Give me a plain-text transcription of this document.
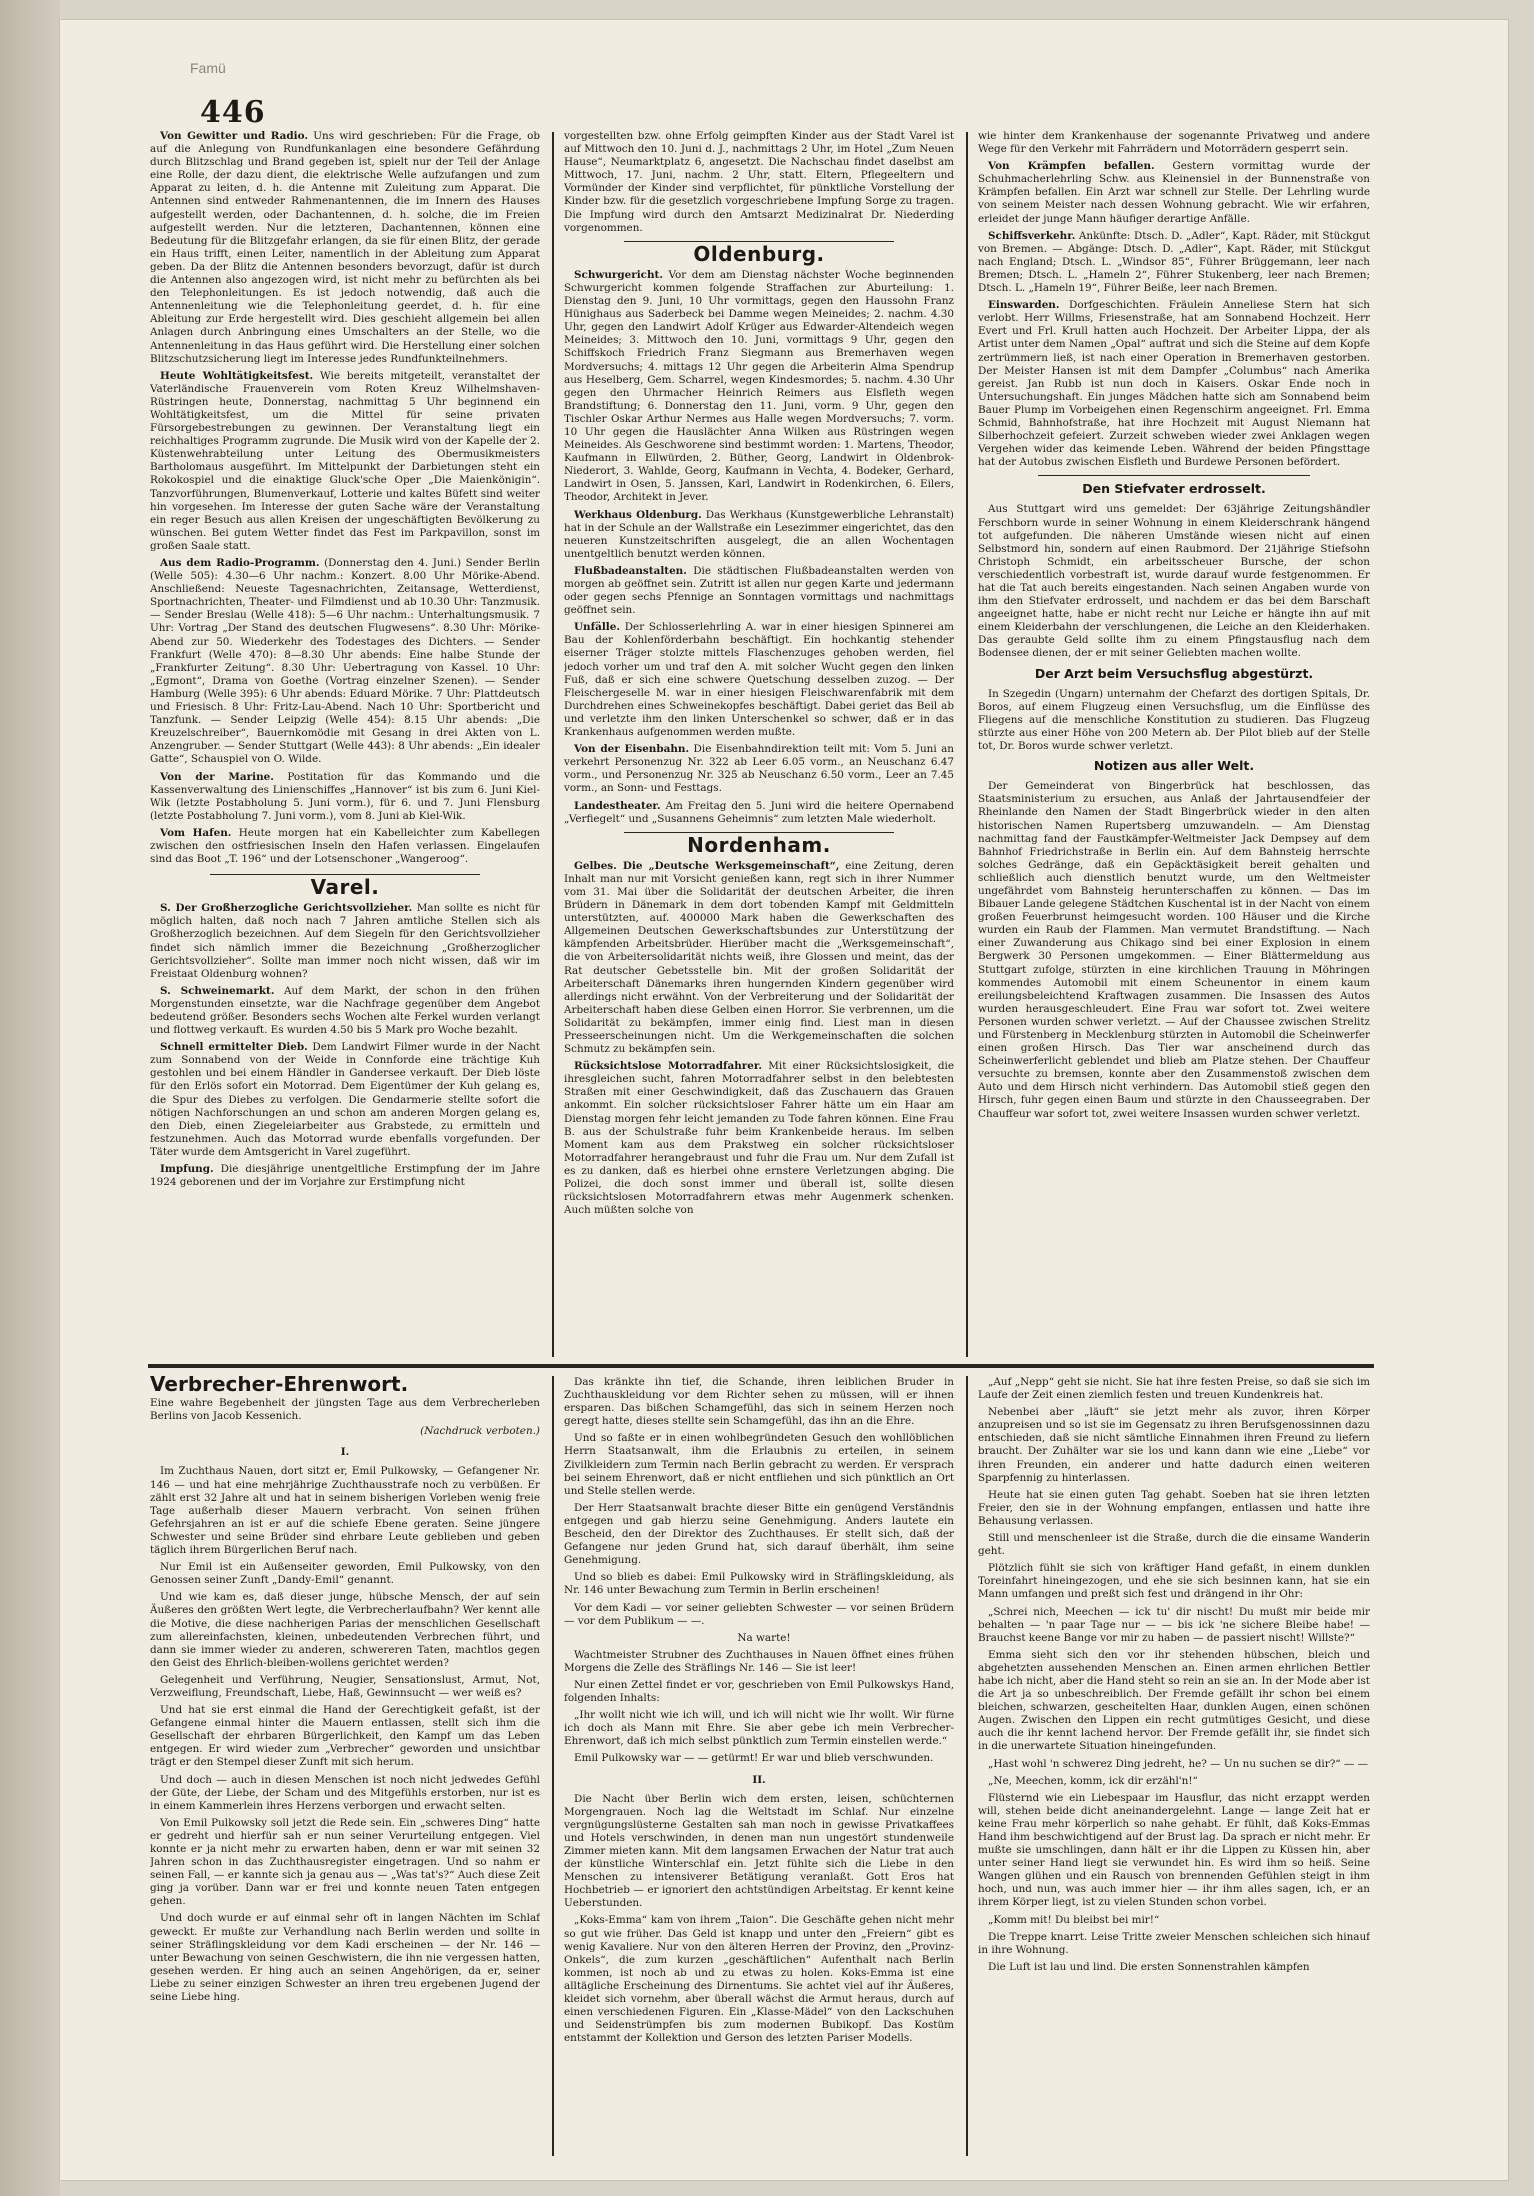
Famü
446

Von Gewitter und Radio. Uns wird geschrieben: Für die Frage, ob auf die Anlegung von Rundfunkanlagen eine besondere Gefährdung durch Blitzschlag und Brand gegeben ist, spielt nur der Teil der Anlage eine Rolle, der dazu dient, die elektrische Welle aufzufangen und zum Apparat zu leiten, d. h. die Antenne mit Zuleitung zum Apparat. Die Antennen sind entweder Rahmenantennen, die im Innern des Hauses aufgestellt werden, oder Dachantennen, d. h. solche, die im Freien aufgestellt werden. Nur die letzteren, Dachantennen, können eine Bedeutung für die Blitzgefahr erlangen, da sie für einen Blitz, der gerade ein Haus trifft, einen Leiter, namentlich in der Ableitung zum Apparat geben. Da der Blitz die Antennen besonders bevorzugt, dafür ist durch die Antennen also angezogen wird, ist nicht mehr zu befürchten als bei den Telephonleitungen. Es ist jedoch notwendig, daß auch die Antennenleitung wie die Telephonleitung geerdet, d. h. für eine Ableitung zur Erde hergestellt wird. Dies geschieht allgemein bei allen Anlagen durch Anbringung eines Umschalters an der Stelle, wo die Antennenleitung in das Haus geführt wird. Die Herstellung einer solchen Blitzschutzsicherung liegt im Interesse jedes Rundfunkteilnehmers.

Heute Wohltätigkeitsfest. Wie bereits mitgeteilt, veranstaltet der Vaterländische Frauenverein vom Roten Kreuz Wilhelmshaven-Rüstringen heute, Donnerstag, nachmittag 5 Uhr beginnend ein Wohltätigkeitsfest, um die Mittel für seine privaten Fürsorgebestrebungen zu gewinnen. Der Veranstaltung liegt ein reichhaltiges Programm zugrunde. Die Musik wird von der Kapelle der 2. Küstenwehrabteilung unter Leitung des Obermusikmeisters Bartholomaus ausgeführt. Im Mittelpunkt der Darbietungen steht ein Rokokospiel und die einaktige Gluck'sche Oper „Die Maienkönigin“. Tanzvorführungen, Blumenverkauf, Lotterie und kaltes Büfett sind weiter hin vorgesehen. Im Interesse der guten Sache wäre der Veranstaltung ein reger Besuch aus allen Kreisen der ungeschäftigten Bevölkerung zu wünschen. Bei gutem Wetter findet das Fest im Parkpavillon, sonst im großen Saale statt.

Aus dem Radio-Programm. (Donnerstag den 4. Juni.) Sender Berlin (Welle 505): 4.30—6 Uhr nachm.: Konzert. 8.00 Uhr Mörike-Abend. Anschließend: Neueste Tagesnachrichten, Zeitansage, Wetterdienst, Sportnachrichten, Theater- und Filmdienst und ab 10.30 Uhr: Tanzmusik. — Sender Breslau (Welle 418): 5—6 Uhr nachm.: Unterhaltungsmusik. 7 Uhr: Vortrag „Der Stand des deutschen Flugwesens“. 8.30 Uhr: Mörike-Abend zur 50. Wiederkehr des Todestages des Dichters. — Sender Frankfurt (Welle 470): 8—8.30 Uhr abends: Eine halbe Stunde der „Frankfurter Zeitung“. 8.30 Uhr: Uebertragung von Kassel. 10 Uhr: „Egmont“, Drama von Goethe (Vortrag einzelner Szenen). — Sender Hamburg (Welle 395): 6 Uhr abends: Eduard Mörike. 7 Uhr: Plattdeutsch und Friesisch. 8 Uhr: Fritz-Lau-Abend. Nach 10 Uhr: Sportbericht und Tanzfunk. — Sender Leipzig (Welle 454): 8.15 Uhr abends: „Die Kreuzelschreiber“, Bauernkomödie mit Gesang in drei Akten von L. Anzengruber. — Sender Stuttgart (Welle 443): 8 Uhr abends: „Ein idealer Gatte“, Schauspiel von O. Wilde.

Von der Marine. Postitation für das Kommando und die Kassenverwaltung des Linienschiffes „Hannover“ ist bis zum 6. Juni Kiel-Wik (letzte Postabholung 5. Juni vorm.), für 6. und 7. Juni Flensburg (letzte Postabholung 7. Juni vorm.), vom 8. Juni ab Kiel-Wik.

Vom Hafen. Heute morgen hat ein Kabelleichter zum Kabellegen zwischen den ostfriesischen Inseln den Hafen verlassen. Eingelaufen sind das Boot „T. 196“ und der Lotsenschoner „Wangeroog“.

Varel.

S. Der Großherzogliche Gerichtsvollzieher. Man sollte es nicht für möglich halten, daß noch nach 7 Jahren amtliche Stellen sich als Großherzoglich bezeichnen. Auf dem Siegeln für den Gerichtsvollzieher findet sich nämlich immer die Bezeichnung „Großherzoglicher Gerichtsvollzieher“. Sollte man immer noch nicht wissen, daß wir im Freistaat Oldenburg wohnen?

S. Schweinemarkt. Auf dem Markt, der schon in den frühen Morgenstunden einsetzte, war die Nachfrage gegenüber dem Angebot bedeutend größer. Besonders sechs Wochen alte Ferkel wurden verlangt und flottweg verkauft. Es wurden 4.50 bis 5 Mark pro Woche bezahlt.

Schnell ermittelter Dieb. Dem Landwirt Filmer wurde in der Nacht zum Sonnabend von der Weide in Connforde eine trächtige Kuh gestohlen und bei einem Händler in Gandersee verkauft. Der Dieb löste für den Erlös sofort ein Motorrad. Dem Eigentümer der Kuh gelang es, die Spur des Diebes zu verfolgen. Die Gendarmerie stellte sofort die nötigen Nachforschungen an und schon am anderen Morgen gelang es, den Dieb, einen Ziegeleiarbeiter aus Grabstede, zu ermitteln und festzunehmen. Auch das Motorrad wurde ebenfalls vorgefunden. Der Täter wurde dem Amtsgericht in Varel zugeführt.

Impfung. Die diesjährige unentgeltliche Erstimpfung der im Jahre 1924 geborenen und der im Vorjahre zur Erstimpfung nicht

vorgestellten bzw. ohne Erfolg geimpften Kinder aus der Stadt Varel ist auf Mittwoch den 10. Juni d. J., nachmittags 2 Uhr, im Hotel „Zum Neuen Hause“, Neumarktplatz 6, angesetzt. Die Nachschau findet daselbst am Mittwoch, 17. Juni, nachm. 2 Uhr, statt. Eltern, Pflegeeltern und Vormünder der Kinder sind verpflichtet, für pünktliche Vorstellung der Kinder bzw. für die gesetzlich vorgeschriebene Impfung Sorge zu tragen. Die Impfung wird durch den Amtsarzt Medizinalrat Dr. Niederding vorgenommen.

Oldenburg.

Schwurgericht. Vor dem am Dienstag nächster Woche beginnenden Schwurgericht kommen folgende Straffachen zur Aburteilung: 1. Dienstag den 9. Juni, 10 Uhr vormittags, gegen den Haussohn Franz Hünighaus aus Saderbeck bei Damme wegen Meineides; 2. nachm. 4.30 Uhr, gegen den Landwirt Adolf Krüger aus Edwarder-Altendeich wegen Meineides; 3. Mittwoch den 10. Juni, vormittags 9 Uhr, gegen den Schiffskoch Friedrich Franz Siegmann aus Bremerhaven wegen Mordversuchs; 4. mittags 12 Uhr gegen die Arbeiterin Alma Spendrup aus Heselberg, Gem. Scharrel, wegen Kindesmordes; 5. nachm. 4.30 Uhr gegen den Uhrmacher Heinrich Reimers aus Elsfleth wegen Brandstiftung; 6. Donnerstag den 11. Juni, vorm. 9 Uhr, gegen den Tischler Oskar Arthur Nermes aus Halle wegen Mordversuchs; 7. vorm. 10 Uhr gegen die Hauslächter Anna Wilken aus Rüstringen wegen Meineides. Als Geschworene sind bestimmt worden: 1. Martens, Theodor, Kaufmann in Ellwürden, 2. Büther, Georg, Landwirt in Oldenbrok-Niederort, 3. Wahlde, Georg, Kaufmann in Vechta, 4. Bodeker, Gerhard, Landwirt in Osen, 5. Janssen, Karl, Landwirt in Rodenkirchen, 6. Eilers, Theodor, Architekt in Jever.

Werkhaus Oldenburg. Das Werkhaus (Kunstgewerbliche Lehranstalt) hat in der Schule an der Wallstraße ein Lesezimmer eingerichtet, das den neueren Kunstzeitschriften ausgelegt, die an allen Wochentagen unentgeltlich benutzt werden können.

Flußbadeanstalten. Die städtischen Flußbadeanstalten werden von morgen ab geöffnet sein. Zutritt ist allen nur gegen Karte und jedermann oder gegen sechs Pfennige an Sonntagen vormittags und nachmittags geöffnet sein.

Unfälle. Der Schlosserlehrling A. war in einer hiesigen Spinnerei am Bau der Kohlenförderbahn beschäftigt. Ein hochkantig stehender eiserner Träger stolzte mittels Flaschenzuges gehoben werden, fiel jedoch vorher um und traf den A. mit solcher Wucht gegen den linken Fuß, daß er sich eine schwere Quetschung desselben zuzog. — Der Fleischergeselle M. war in einer hiesigen Fleischwarenfabrik mit dem Durchdrehen eines Schweinekopfes beschäftigt. Dabei geriet das Beil ab und verletzte ihm den linken Unterschenkel so schwer, daß er in das Krankenhaus aufgenommen werden mußte.

Von der Eisenbahn. Die Eisenbahndirektion teilt mit: Vom 5. Juni an verkehrt Personenzug Nr. 322 ab Leer 6.05 vorm., an Neuschanz 6.47 vorm., und Personenzug Nr. 325 ab Neuschanz 6.50 vorm., Leer an 7.45 vorm., an Sonn- und Festtags.

Landestheater. Am Freitag den 5. Juni wird die heitere Opernabend „Verfiegelt“ und „Susannens Geheimnis“ zum letzten Male wiederholt.

Nordenham.

Gelbes. Die „Deutsche Werksgemeinschaft“, eine Zeitung, deren Inhalt man nur mit Vorsicht genießen kann, regt sich in ihrer Nummer vom 31. Mai über die Solidarität der deutschen Arbeiter, die ihren Brüdern in Dänemark in dem dort tobenden Kampf mit Geldmitteln unterstützten, auf. 400000 Mark haben die Gewerkschaften des Allgemeinen Deutschen Gewerkschaftsbundes zur Unterstützung der kämpfenden Arbeitsbrüder. Hierüber macht die „Werksgemeinschaft“, die von Arbeitersolidarität nichts weiß, ihre Glossen und meint, das der Rat deutscher Gebetsstelle bin. Mit der großen Solidarität der Arbeiterschaft Dänemarks ihren hungernden Kindern gegenüber wird allerdings nicht erwähnt. Von der Verbreiterung und der Solidarität der Arbeiterschaft haben diese Gelben einen Horror. Sie verbrennen, um die Solidarität zu bekämpfen, immer einig find. Liest man in diesen Presseerscheinungen nicht. Um die Werkgemeinschaften die solchen Schmutz zu bekämpfen sein.

Rücksichtslose Motorradfahrer. Mit einer Rücksichtslosigkeit, die ihresgleichen sucht, fahren Motorradfahrer selbst in den belebtesten Straßen mit einer Geschwindigkeit, daß das Zuschauern das Grauen ankommt. Ein solcher rücksichtsloser Fahrer hätte um ein Haar am Dienstag morgen fehr leicht jemanden zu Tode fahren können. Eine Frau B. aus der Schulstraße fuhr beim Krankenbeide heraus. Im selben Moment kam aus dem Prakstweg ein solcher rücksichtsloser Motorradfahrer herangebraust und fuhr die Frau um. Nur dem Zufall ist es zu danken, daß es hierbei ohne ernstere Verletzungen abging. Die Polizei, die doch sonst immer und überall ist, sollte diesen rücksichtslosen Motorradfahrern etwas mehr Augenmerk schenken. Auch müßten solche von

wie hinter dem Krankenhause der sogenannte Privatweg und andere Wege für den Verkehr mit Fahrrädern und Motorrädern gesperrt sein.

Von Krämpfen befallen. Gestern vormittag wurde der Schuhmacherlehrling Schw. aus Kleinensiel in der Bunnenstraße von Krämpfen befallen. Ein Arzt war schnell zur Stelle. Der Lehrling wurde von seinem Meister nach dessen Wohnung gebracht. Wie wir erfahren, erleidet der junge Mann häufiger derartige Anfälle.

Schiffsverkehr. Ankünfte: Dtsch. D. „Adler“, Kapt. Räder, mit Stückgut von Bremen. — Abgänge: Dtsch. D. „Adler“, Kapt. Räder, mit Stückgut nach England; Dtsch. L. „Windsor 85“, Führer Brüggemann, leer nach Bremen; Dtsch. L. „Hameln 2“, Führer Stukenberg, leer nach Bremen; Dtsch. L. „Hameln 19“, Führer Beiße, leer nach Bremen.

Einswarden. Dorfgeschichten. Fräulein Anneliese Stern hat sich verlobt. Herr Willms, Friesenstraße, hat am Sonnabend Hochzeit. Herr Evert und Frl. Krull hatten auch Hochzeit. Der Arbeiter Lippa, der als Artist unter dem Namen „Opal“ auftrat und sich die Steine auf dem Kopfe zertrümmern ließ, ist nach einer Operation in Bremerhaven gestorben. Der Meister Hansen ist mit dem Dampfer „Columbus“ nach Amerika gereist. Jan Rubb ist nun doch in Kaisers. Oskar Ende noch in Untersuchungshaft. Ein junges Mädchen hatte sich am Sonnabend beim Bauer Plump im Vorbeigehen einen Regenschirm angeeignet. Frl. Emma Schmid, Bahnhofstraße, hat ihre Hochzeit mit August Niemann hat Silberhochzeit gefeiert. Zurzeit schweben wieder zwei Anklagen wegen Vergehen wider das keimende Leben. Während der beiden Pfingsttage hat der Autobus zwischen Eisfleth und Burdewe Personen befördert.

Den Stiefvater erdrosselt.

Aus Stuttgart wird uns gemeldet: Der 63jährige Zeitungshändler Ferschborn wurde in seiner Wohnung in einem Kleiderschrank hängend tot aufgefunden. Die näheren Umstände wiesen nicht auf einen Selbstmord hin, sondern auf einen Raubmord. Der 21jährige Stiefsohn Christoph Schmidt, ein arbeitsscheuer Bursche, der schon verschiedentlich vorbestraft ist, wurde darauf wurde festgenommen. Er hat die Tat auch bereits eingestanden. Nach seinen Angaben wurde von ihm den Stiefvater erdrosselt, und nachdem er das bei dem Barschaft angeeignet hatte, habe er nicht recht nur Leiche er hängte ihn auf mit einem Kleiderbahn der verschlungenen, die Leiche an den Kleiderhaken. Das geraubte Geld sollte ihm zu einem Pfingstausflug nach dem Bodensee dienen, der er mit seiner Geliebten machen wollte.

Der Arzt beim Versuchsflug abgestürzt.

In Szegedin (Ungarn) unternahm der Chefarzt des dortigen Spitals, Dr. Boros, auf einem Flugzeug einen Versuchsflug, um die Einflüsse des Fliegens auf die menschliche Konstitution zu studieren. Das Flugzeug stürzte aus einer Höhe von 200 Metern ab. Der Pilot blieb auf der Stelle tot, Dr. Boros wurde schwer verletzt.

Notizen aus aller Welt.

Der Gemeinderat von Bingerbrück hat beschlossen, das Staatsministerium zu ersuchen, aus Anlaß der Jahrtausendfeier der Rheinlande den Namen der Stadt Bingerbrück wieder in den alten historischen Namen Rupertsberg umzuwandeln. — Am Dienstag nachmittag fand der Faustkämpfer-Weltmeister Jack Dempsey auf dem Bahnhof Friedrichstraße in Berlin ein. Auf dem Bahnsteig herrschte solches Gedränge, daß ein Gepäcktäsigkeit bereit gehalten und schließlich auch dienstlich benutzt wurde, um den Weltmeister ungefährdet vom Bahnsteig herunterschaffen zu können. — Das im Bibauer Lande gelegene Städtchen Kuschental ist in der Nacht von einem großen Feuerbrunst heimgesucht worden. 100 Häuser und die Kirche wurden ein Raub der Flammen. Man vermutet Brandstiftung. — Nach einer Zuwanderung aus Chikago sind bei einer Explosion in einem Bergwerk 30 Personen umgekommen. — Einer Blättermeldung aus Stuttgart zufolge, stürzten in eine kirchlichen Trauung in Möhringen kommendes Automobil mit einem Scheunentor in einem kaum ereilungsbeleichtend Kraftwagen zusammen. Die Insassen des Autos wurden herausgeschleudert. Eine Frau war sofort tot. Zwei weitere Personen wurden schwer verletzt. — Auf der Chaussee zwischen Strelitz und Fürstenberg in Mecklenburg stürzten in Automobil die Scheinwerfer einen großen Hirsch. Das Tier war anscheinend durch das Scheinwerferlicht geblendet und blieb am Platze stehen. Der Chauffeur versuchte zu bremsen, konnte aber den Zusammenstoß zwischen dem Auto und dem Hirsch nicht verhindern. Das Automobil stieß gegen den Hirsch, fuhr gegen einen Baum und stürzte in den Chausseegraben. Der Chauffeur war sofort tot, zwei weitere Insassen wurden schwer verletzt.

Verbrecher-Ehrenwort.
Eine wahre Begebenheit der jüngsten Tage aus dem Verbrecherleben Berlins von Jacob Kessenich.
(Nachdruck verboten.)
I.

Im Zuchthaus Nauen, dort sitzt er, Emil Pulkowsky, — Gefangener Nr. 146 — und hat eine mehrjährige Zuchthausstrafe noch zu verbüßen. Er zählt erst 32 Jahre alt und hat in seinem bisherigen Vorleben wenig freie Tage außerhalb dieser Mauern verbracht. Von seinen frühen Gefehrsjahren an ist er auf die schiefe Ebene geraten. Seine jüngere Schwester und seine Brüder sind ehrbare Leute geblieben und geben täglich ihrem Bürgerlichen Beruf nach.

Nur Emil ist ein Außenseiter geworden, Emil Pulkowsky, von den Genossen seiner Zunft „Dandy-Emil“ genannt.

Und wie kam es, daß dieser junge, hübsche Mensch, der auf sein Äußeres den größten Wert legte, die Verbrecherlaufbahn? Wer kennt alle die Motive, die diese nachherigen Parias der menschlichen Gesellschaft zum allereinfachsten, kleinen, unbedeutenden Verbrechen führt, und dann sie immer wieder zu anderen, schwereren Taten, machtlos gegen den Geist des Ehrlich-bleiben-wollens gerichtet werden?

Gelegenheit und Verführung, Neugier, Sensationslust, Armut, Not, Verzweiflung, Freundschaft, Liebe, Haß, Gewinnsucht — wer weiß es?

Und hat sie erst einmal die Hand der Gerechtigkeit gefaßt, ist der Gefangene einmal hinter die Mauern entlassen, stellt sich ihm die Gesellschaft der ehrbaren Bürgerlichkeit, den Kampf um das Leben entgegen. Er wird wieder zum „Verbrecher“ geworden und unsichtbar trägt er den Stempel dieser Zunft mit sich herum.

Und doch — auch in diesen Menschen ist noch nicht jedwedes Gefühl der Güte, der Liebe, der Scham und des Mitgefühls erstorben, nur ist es in einem Kammerlein ihres Herzens verborgen und erwacht selten.

Von Emil Pulkowsky soll jetzt die Rede sein. Ein „schweres Ding“ hatte er gedreht und hierfür sah er nun seiner Verurteilung entgegen. Viel konnte er ja nicht mehr zu erwarten haben, denn er war mit seinen 32 Jahren schon in das Zuchthausregister eingetragen. Und so nahm er seinen Fall, — er kannte sich ja genau aus — „Was tat's?“ Auch diese Zeit ging ja vorüber. Dann war er frei und konnte neuen Taten entgegen gehen.

Und doch wurde er auf einmal sehr oft in langen Nächten im Schlaf geweckt. Er mußte zur Verhandlung nach Berlin werden und sollte in seiner Sträflingskleidung vor dem Kadi erscheinen — der Nr. 146 — unter Bewachung von seinen Geschwistern, die ihn nie vergessen hatten, gesehen werden. Er hing auch an seinen Angehörigen, da er, seiner Liebe zu seiner einzigen Schwester an ihren treu ergebenen Jugend der seine Liebe hing.

Das kränkte ihn tief, die Schande, ihren leiblichen Bruder in Zuchthauskleidung vor dem Richter sehen zu müssen, will er ihnen ersparen. Das bißchen Schamgefühl, das sich in seinem Herzen noch geregt hatte, dieses stellte sein Schamgefühl, das ihn an die Ehre.

Und so faßte er in einen wohlbegründeten Gesuch den wohllöblichen Herrn Staatsanwalt, ihm die Erlaubnis zu erteilen, in seinem Zivilkleidern zum Termin nach Berlin gebracht zu werden. Er versprach bei seinem Ehrenwort, daß er nicht entfliehen und sich pünktlich an Ort und Stelle stellen werde.

Der Herr Staatsanwalt brachte dieser Bitte ein genügend Verständnis entgegen und gab hierzu seine Genehmigung. Anders lautete ein Bescheid, den der Direktor des Zuchthauses. Er stellt sich, daß der Gefangene nur jeden Grund hat, sich darauf überhält, ihm seine Genehmigung.

Und so blieb es dabei: Emil Pulkowsky wird in Sträflingskleidung, als Nr. 146 unter Bewachung zum Termin in Berlin erscheinen!

Vor dem Kadi — vor seiner geliebten Schwester — vor seinen Brüdern — vor dem Publikum — —.

Na warte!

Wachtmeister Strubner des Zuchthauses in Nauen öffnet eines frühen Morgens die Zelle des Sträflings Nr. 146 — Sie ist leer!

Nur einen Zettel findet er vor, geschrieben von Emil Pulkowskys Hand, folgenden Inhalts:

„Ihr wollt nicht wie ich will, und ich will nicht wie Ihr wollt. Wir fürne ich doch als Mann mit Ehre. Sie aber gebe ich mein Verbrecher-Ehrenwort, daß ich mich selbst pünktlich zum Termin einstellen werde.“

Emil Pulkowsky war — — getürmt! Er war und blieb verschwunden.

II.

Die Nacht über Berlin wich dem ersten, leisen, schüchternen Morgengrauen. Noch lag die Weltstadt im Schlaf. Nur einzelne vergnügungslüsterne Gestalten sah man noch in gewisse Privatkaffees und Hotels verschwinden, in denen man nun ungestört stundenweile Zimmer mieten kann. Mit dem langsamen Erwachen der Natur trat auch der künstliche Winterschlaf ein. Jetzt fühlte sich die Liebe in den Menschen zu intensiverer Betätigung veranlaßt. Gott Eros hat Hochbetrieb — er ignoriert den achtstündigen Arbeitstag. Er kennt keine Ueberstunden.

„Koks-Emma“ kam von ihrem „Taion“. Die Geschäfte gehen nicht mehr so gut wie früher. Das Geld ist knapp und unter den „Freiern“ gibt es wenig Kavaliere. Nur von den älteren Herren der Provinz, den „Provinz-Onkels“, die zum kurzen „geschäftlichen“ Aufenthalt nach Berlin kommen, ist noch ab und zu etwas zu holen. Koks-Emma ist eine alltägliche Erscheinung des Dirnentums. Sie achtet viel auf ihr Äußeres, kleidet sich vornehm, aber überall wächst die Armut heraus, durch auf einen verschiedenen Figuren. Ein „Klasse-Mädel“ von den Lackschuhen und Seidenstrümpfen bis zum modernen Bubikopf. Das Kostüm entstammt der Kollektion und Gerson des letzten Pariser Modells.

„Auf „Nepp“ geht sie nicht. Sie hat ihre festen Preise, so daß sie sich im Laufe der Zeit einen ziemlich festen und treuen Kundenkreis hat.

Nebenbei aber „läuft“ sie jetzt mehr als zuvor, ihren Körper anzupreisen und so ist sie im Gegensatz zu ihren Berufsgenossinnen dazu entschieden, daß sie nicht sämtliche Einnahmen ihren Freund zu liefern braucht. Der Zuhälter war sie los und kann dann wie eine „Liebe“ vor ihren Freunden, ein anderer und hatte dadurch einen weiteren Sparpfennig zu hinterlassen.

Heute hat sie einen guten Tag gehabt. Soeben hat sie ihren letzten Freier, den sie in der Wohnung empfangen, entlassen und hatte ihre Behausung verlassen.

Still und menschenleer ist die Straße, durch die die einsame Wanderin geht.

Plötzlich fühlt sie sich von kräftiger Hand gefaßt, in einem dunklen Toreinfahrt hineingezogen, und ehe sie sich besinnen kann, hat sie ein Mann umfangen und preßt sich fest und drängend in ihr Ohr:

„Schrei nich, Meechen — ick tu' dir nischt! Du mußt mir beide mir behalten — 'n paar Tage nur — — bis ick 'ne sichere Bleibe habe! — Brauchst keene Bange vor mir zu haben — de passiert nischt! Willste?“

Emma sieht sich den vor ihr stehenden hübschen, bleich und abgehetzten aussehenden Menschen an. Einen armen ehrlichen Bettler habe ich nicht, aber die Hand steht so rein an sie an. In der Mode aber ist die Art ja so unbeschreiblich. Der Fremde gefällt ihr schon bei einem bleichen, schwarzen, gescheitelten Haar, dunklen Augen, einen schönen Augen. Zwischen den Lippen ein recht gutmütiges Gesicht, und diese auch die ihr kennt lachend hervor. Der Fremde gefällt ihr, sie findet sich in die unerwartete Situation hineingefunden.

„Hast wohl 'n schwerez Ding jedreht, he? — Un nu suchen se dir?“ — —

„Ne, Meechen, komm, ick dir erzähl'n!“

Flüsternd wie ein Liebespaar im Hausflur, das nicht erzappt werden will, stehen beide dicht aneinandergelehnt. Lange — lange Zeit hat er keine Frau mehr körperlich so nahe gehabt. Er fühlt, daß Koks-Emmas Hand ihm beschwichtigend auf der Brust lag. Da sprach er nicht mehr. Er mußte sie umschlingen, dann hält er ihr die Lippen zu Küssen hin, aber unter seiner Hand liegt sie verwundet hin. Es wird ihm so heiß. Seine Wangen glühen und ein Rausch von brennenden Gefühlen steigt in ihm hoch, und nun, was auch immer hier — ihr ihm alles sagen, ich, er an ihrem Körper liegt, ist zu vielen Stunden schon vorbei.

„Komm mit! Du bleibst bei mir!“

Die Treppe knarrt. Leise Tritte zweier Menschen schleichen sich hinauf in ihre Wohnung.

Die Luft ist lau und lind. Die ersten Sonnenstrahlen kämpfen
